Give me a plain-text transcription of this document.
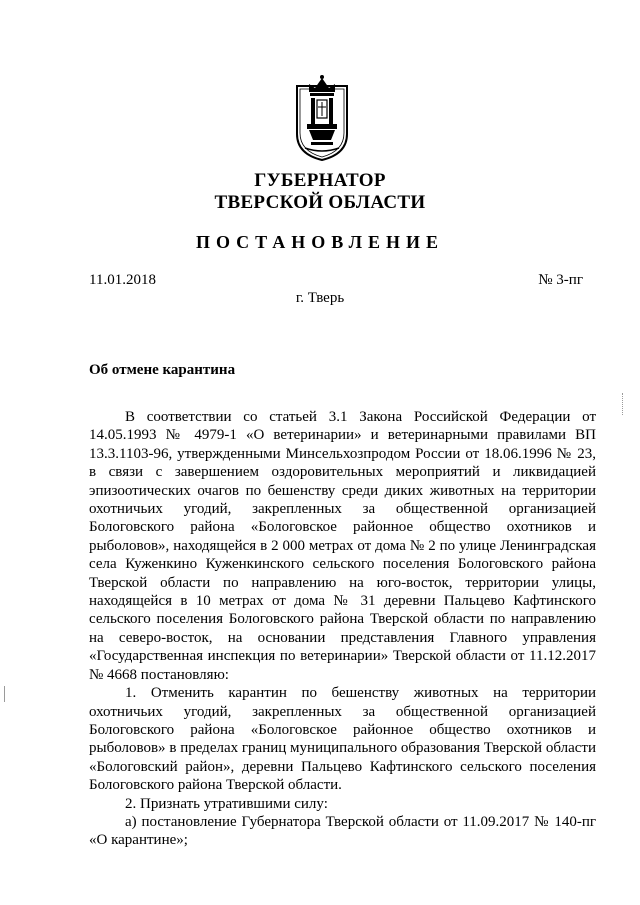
ГУБЕРНАТОР
ТВЕРСКОЙ ОБЛАСТИ
ПОСТАНОВЛЕНИЕ
11.01.2018	№ 3-пг
г. Тверь
Об отмене карантина

В соответствии со статьей 3.1 Закона Российской Федерации от 14.05.1993 № 4979-1 «О ветеринарии» и ветеринарными правилами ВП 13.3.1103-96, утвержденными Минсельхозпродом России от 18.06.1996 № 23, в связи с завершением оздоровительных мероприятий и ликвидацией эпизоотических очагов по бешенству среди диких животных на территории охотничьих угодий, закрепленных за общественной организацией Бологовского района «Бологовское районное общество охотников и рыболовов», находящейся в 2 000 метрах от дома № 2 по улице Ленинградская села Куженкино Куженкинского сельского поселения Бологовского района Тверской области по направлению на юго-восток, территории улицы, находящейся в 10 метрах от дома № 31 деревни Пальцево Кафтинского сельского поселения Бологовского района Тверской области по направлению на северо-восток, на основании представления Главного управления «Государственная инспекция по ветеринарии» Тверской области от 11.12.2017 № 4668 постановляю:

1. Отменить карантин по бешенству животных на территории охотничьих угодий, закрепленных за общественной организацией Бологовского района «Бологовское районное общество охотников и рыболовов» в пределах границ муниципального образования Тверской области «Бологовский район», деревни Пальцево Кафтинского сельского поселения Бологовского района Тверской области.

2. Признать утратившими силу:

а) постановление Губернатора Тверской области от 11.09.2017 № 140-пг «О карантине»;
